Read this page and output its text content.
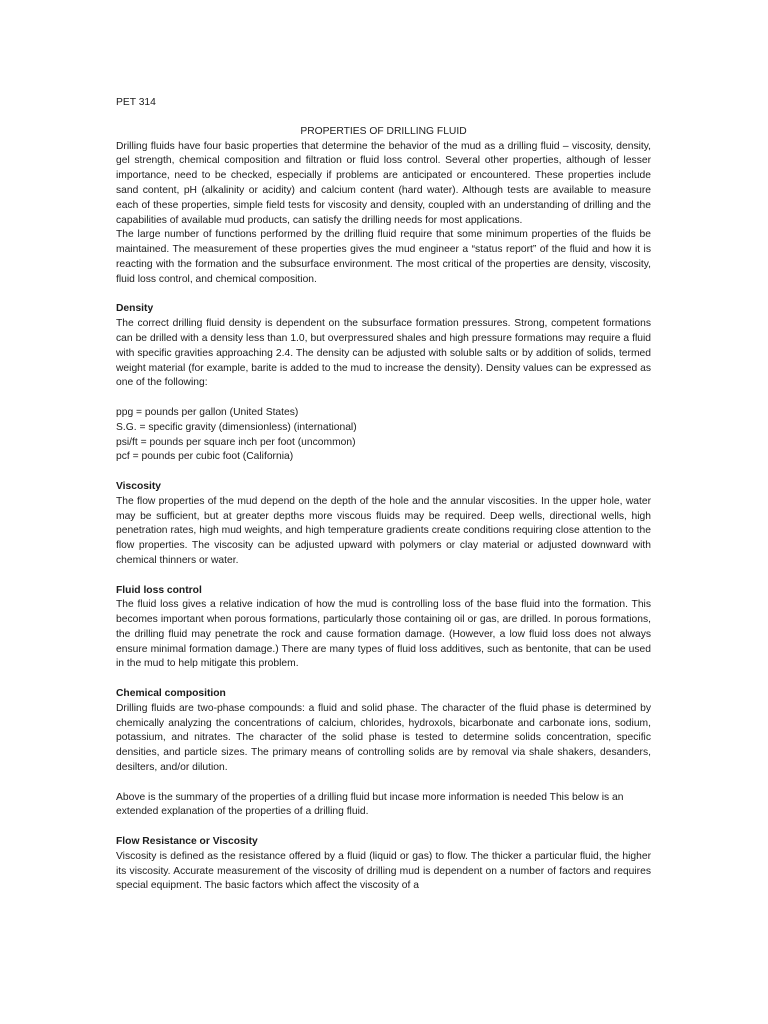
PET 314

PROPERTIES OF DRILLING FLUID

Drilling fluids have four basic properties that determine the behavior of the mud as a drilling fluid – viscosity, density, gel strength, chemical composition and filtration or fluid loss control. Several other properties, although of lesser importance, need to be checked, especially if problems are anticipated or encountered. These properties include sand content, pH (alkalinity or acidity) and calcium content (hard water). Although tests are available to measure each of these properties, simple field tests for viscosity and density, coupled with an understanding of drilling and the capabilities of available mud products, can satisfy the drilling needs for most applications.

The large number of functions performed by the drilling fluid require that some minimum properties of the fluids be maintained. The measurement of these properties gives the mud engineer a “status report” of the fluid and how it is reacting with the formation and the subsurface environment. The most critical of the properties are density, viscosity, fluid loss control, and chemical composition.

Density

The correct drilling fluid density is dependent on the subsurface formation pressures. Strong, competent formations can be drilled with a density less than 1.0, but overpressured shales and high pressure formations may require a fluid with specific gravities approaching 2.4. The density can be adjusted with soluble salts or by addition of solids, termed weight material (for example, barite is added to the mud to increase the density). Density values can be expressed as one of the following:

ppg = pounds per gallon (United States)
S.G. = specific gravity (dimensionless) (international)
psi/ft = pounds per square inch per foot (uncommon)
pcf = pounds per cubic foot (California)
Viscosity

The flow properties of the mud depend on the depth of the hole and the annular viscosities. In the upper hole, water may be sufficient, but at greater depths more viscous fluids may be required. Deep wells, directional wells, high penetration rates, high mud weights, and high temperature gradients create conditions requiring close attention to the flow properties. The viscosity can be adjusted upward with polymers or clay material or adjusted downward with chemical thinners or water.

Fluid loss control

The fluid loss gives a relative indication of how the mud is controlling loss of the base fluid into the formation. This becomes important when porous formations, particularly those containing oil or gas, are drilled. In porous formations, the drilling fluid may penetrate the rock and cause formation damage. (However, a low fluid loss does not always ensure minimal formation damage.) There are many types of fluid loss additives, such as bentonite, that can be used in the mud to help mitigate this problem.

Chemical composition

Drilling fluids are two-phase compounds: a fluid and solid phase. The character of the fluid phase is determined by chemically analyzing the concentrations of calcium, chlorides, hydroxols, bicarbonate and carbonate ions, sodium, potassium, and nitrates. The character of the solid phase is tested to determine solids concentration, specific densities, and particle sizes. The primary means of controlling solids are by removal via shale shakers, desanders, desilters, and/or dilution.

Above is the summary of the properties of a drilling fluid but incase more information is needed This below is an extended explanation of the properties of a drilling fluid.

Flow Resistance or Viscosity

Viscosity is defined as the resistance offered by a fluid (liquid or gas) to flow. The thicker a particular fluid, the higher its viscosity. Accurate measurement of the viscosity of drilling mud is dependent on a number of factors and requires special equipment. The basic factors which affect the viscosity of a
